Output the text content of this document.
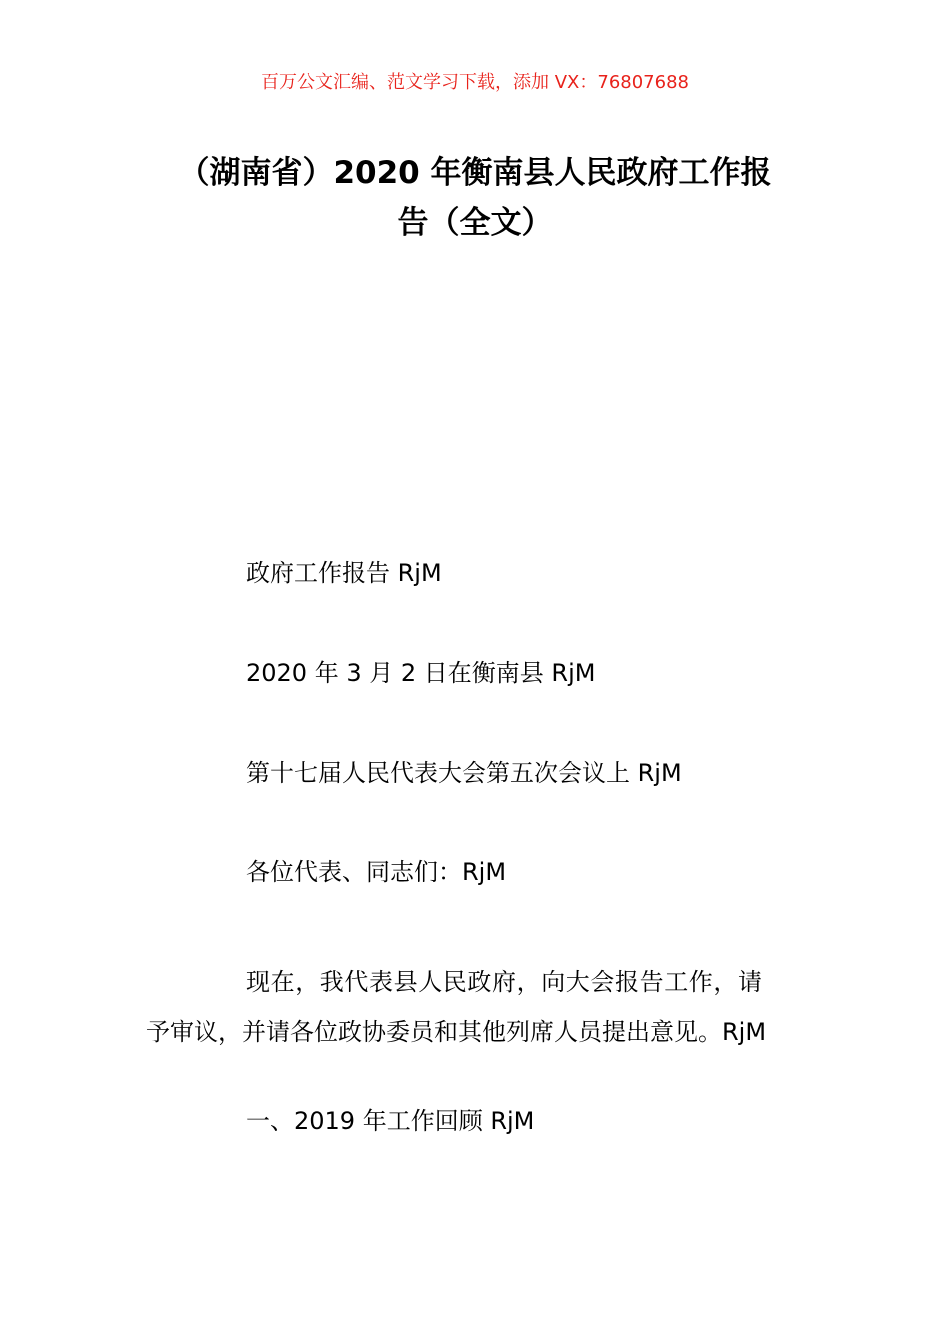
百万公文汇编、范文学习下载，添加 VX：76807688
（湖南省）2020 年衡南县人民政府工作报
告（全文）
政府工作报告 RjM
2020 年 3 月 2 日在衡南县 RjM
第十七届人民代表大会第五次会议上 RjM
各位代表、同志们：RjM
现在，我代表县人民政府，向大会报告工作，请
予审议，并请各位政协委员和其他列席人员提出意见。RjM
一、2019 年工作回顾 RjM
